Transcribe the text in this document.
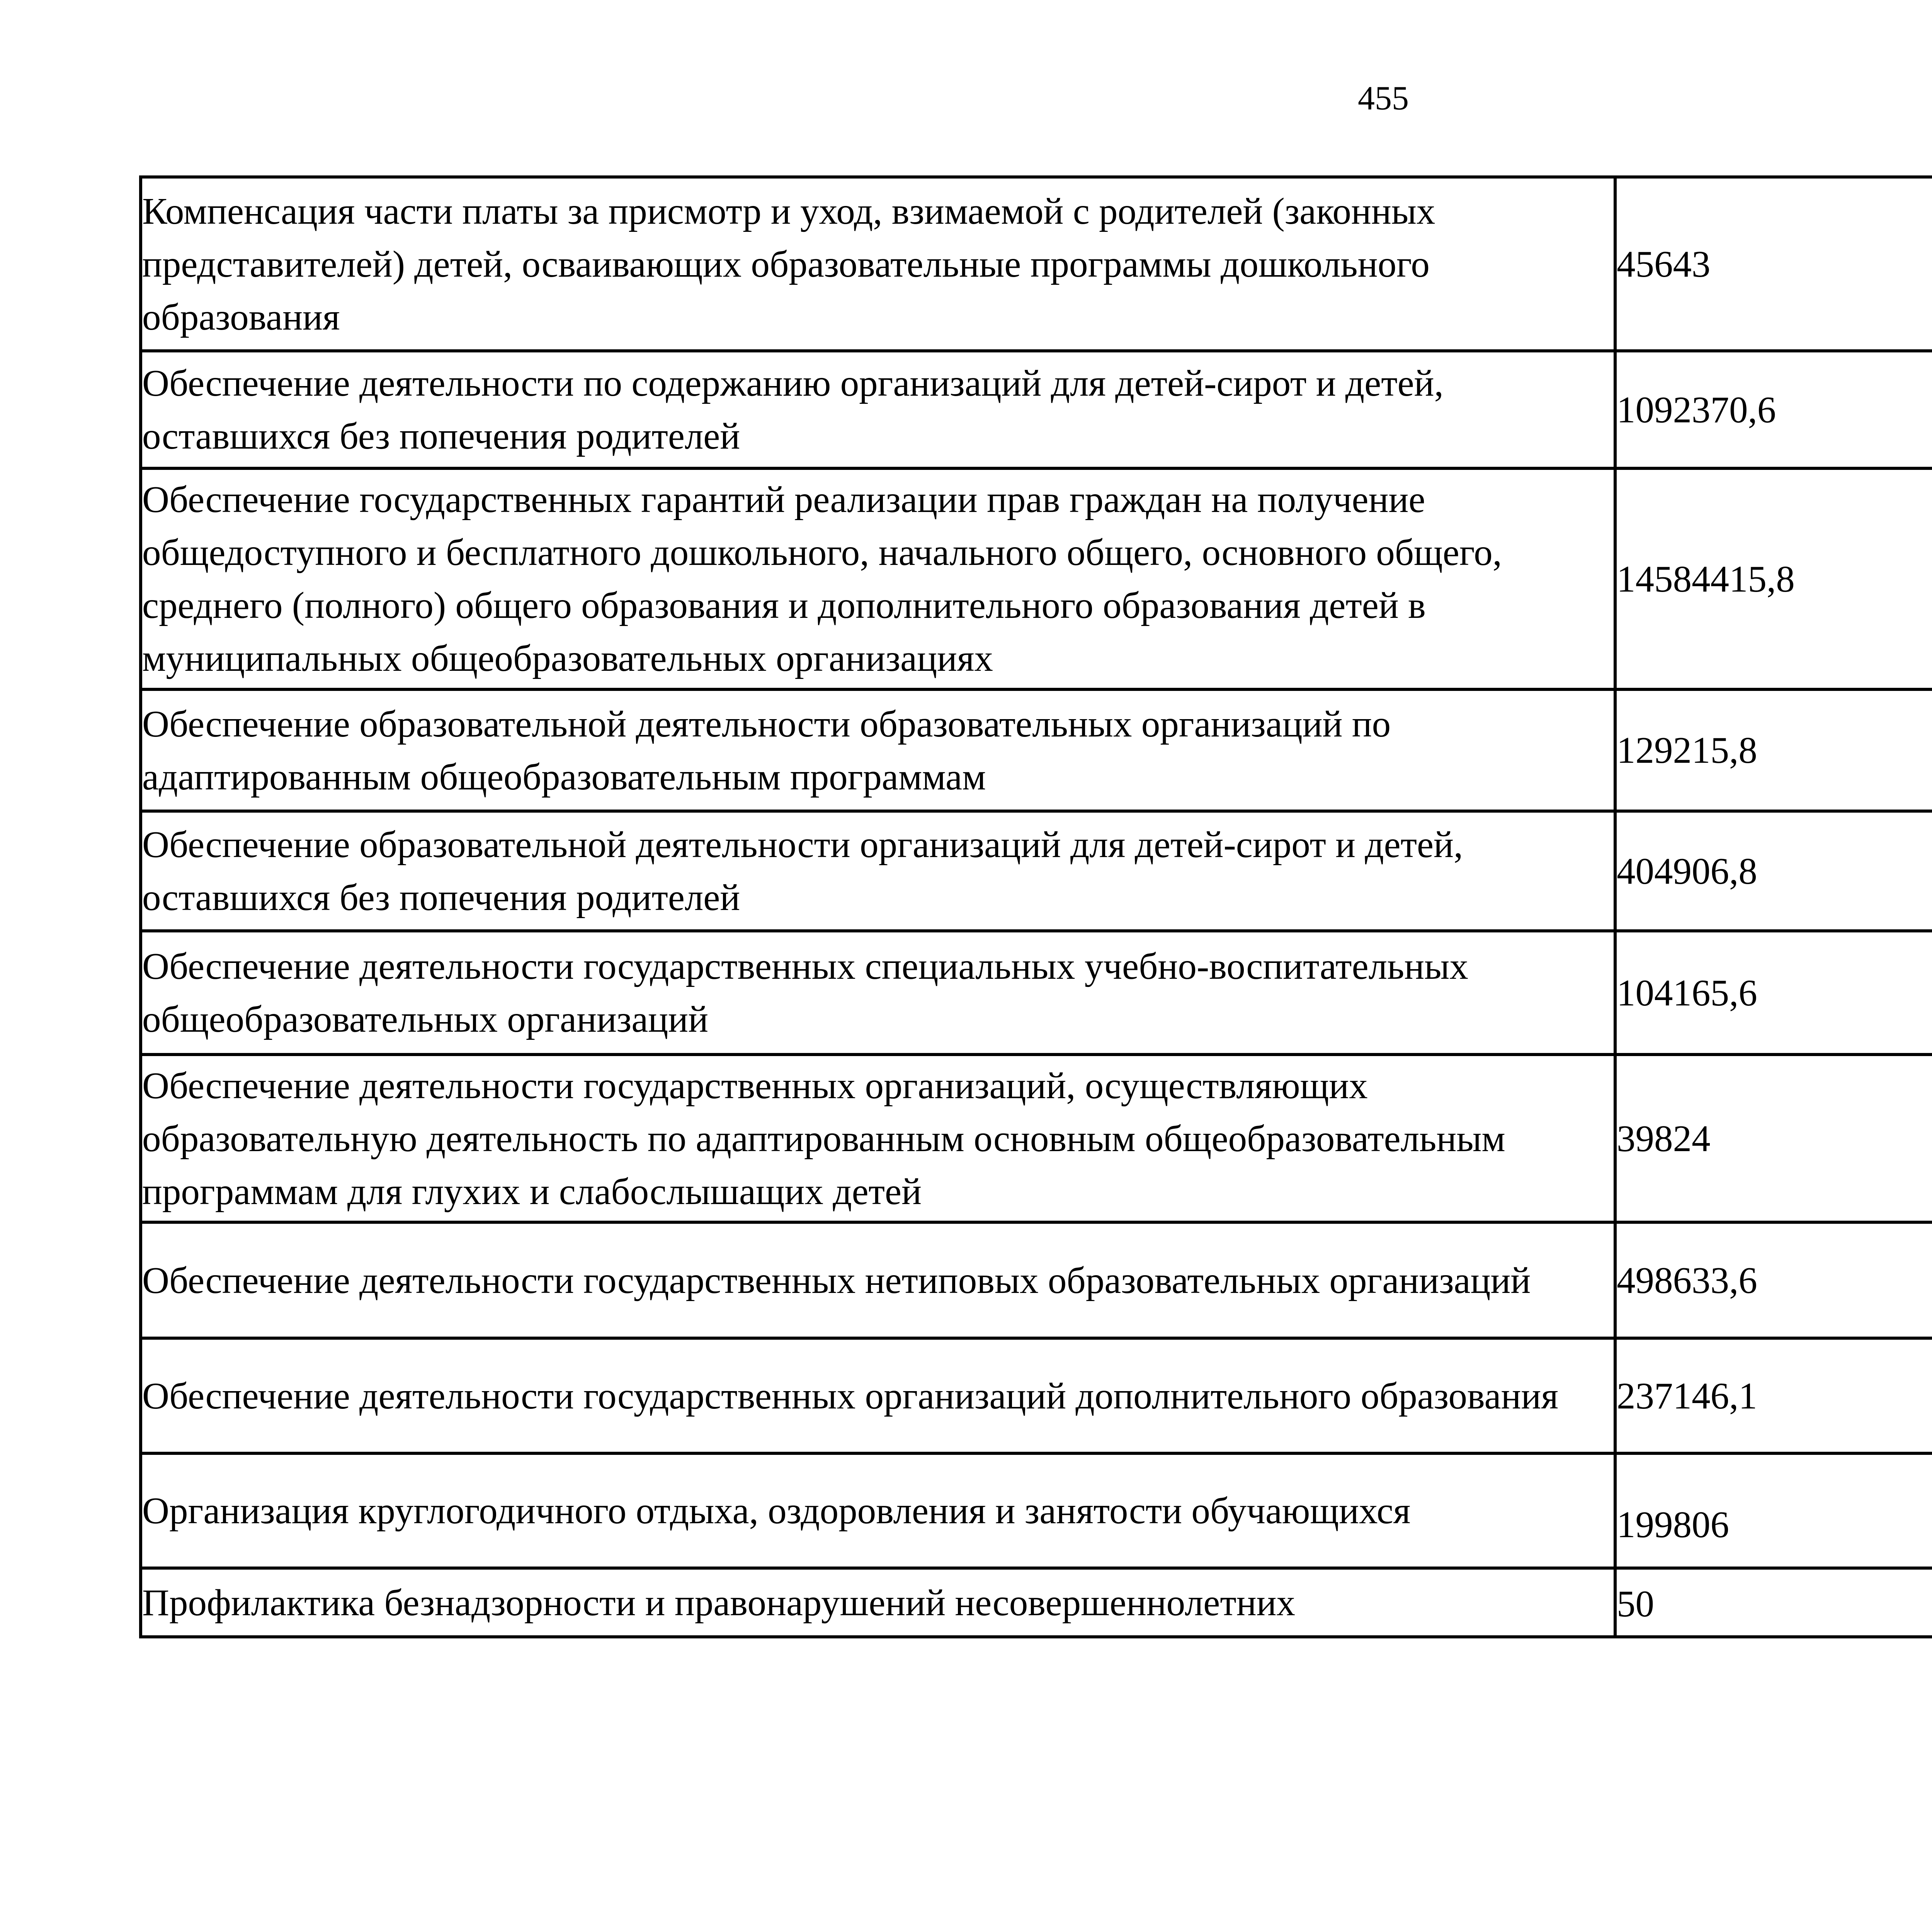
455
Компенсация части платы за присмотр и уход, взимаемой с родителей (законных представителей) детей, осваивающих образовательные программы дошкольного образования	45643		
Обеспечение деятельности по содержанию организаций для детей-сирот и детей, оставшихся без попечения родителей	1092370,6		
Обеспечение государственных гарантий реализации прав граждан на получение общедоступного и бесплатного дошкольного, начального общего, основного общего, среднего (полного) общего образования и дополнительного образования детей в муниципальных общеобразовательных организациях	14584415,8		
Обеспечение образовательной деятельности образовательных организаций по адаптированным общеобразовательным программам	129215,8		
Обеспечение образовательной деятельности организаций для детей-сирот и детей, оставшихся без попечения родителей	404906,8		
Обеспечение деятельности государственных специальных учебно-воспитательных общеобразовательных организаций	104165,6		
Обеспечение деятельности государственных организаций, осуществляющих образовательную деятельность по адаптированным основным общеобразовательным программам для глухих и слабослышащих детей	39824		
Обеспечение деятельности государственных нетиповых образовательных организаций	498633,6		
Обеспечение деятельности государственных организаций дополнительного образования	237146,1		
Организация круглогодичного отдыха, оздоровления и занятости обучающихся	199806		
Профилактика безнадзорности и правонарушений несовершеннолетних	50		
